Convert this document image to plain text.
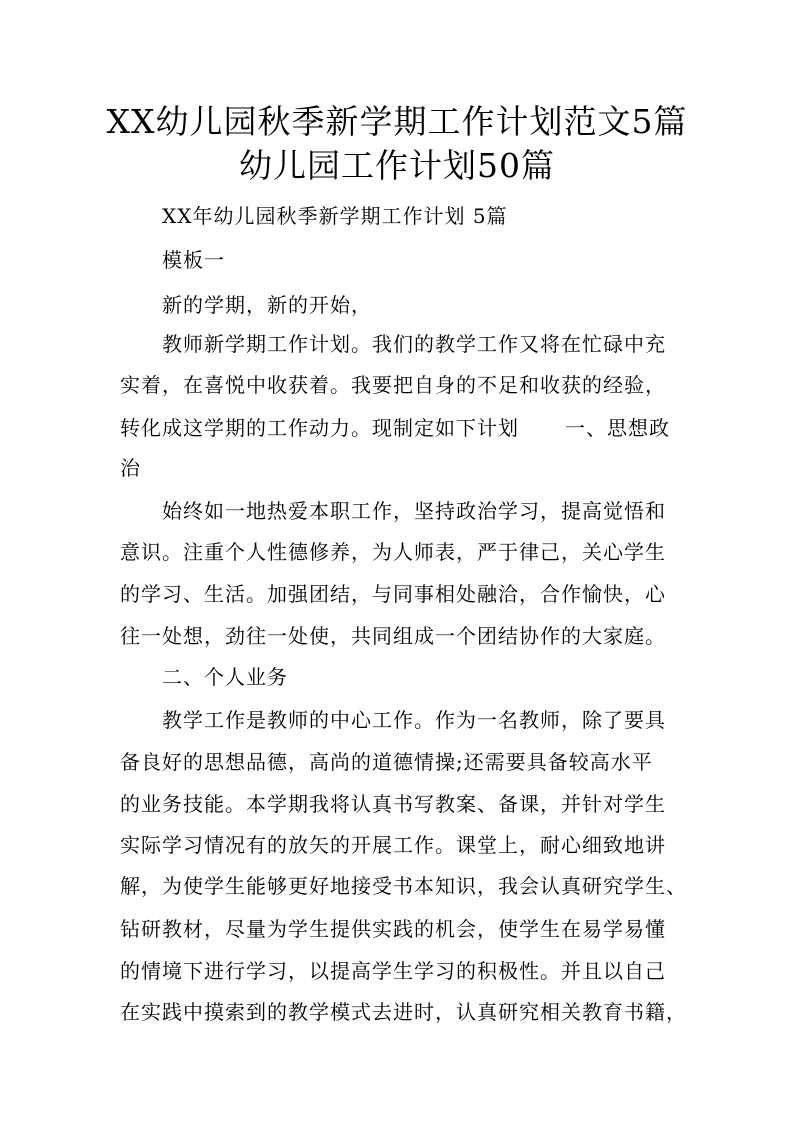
XX幼儿园秋季新学期工作计划范文5篇
幼儿园工作计划50篇

XX年幼儿园秋季新学期工作计划 5篇

模板一

新的学期，新的开始，

教师新学期工作计划。我们的教学工作又将在忙碌中充

实着，在喜悦中收获着。我要把自身的不足和收获的经验，

转化成这学期的工作动力。现制定如下计划 一、思想政

治

始终如一地热爱本职工作，坚持政治学习，提高觉悟和

意识。注重个人性德修养，为人师表，严于律己，关心学生

的学习、生活。加强团结，与同事相处融洽，合作愉快，心

往一处想，劲往一处使，共同组成一个团结协作的大家庭。

二、个人业务

教学工作是教师的中心工作。作为一名教师，除了要具

备良好的思想品德，高尚的道德情操;还需要具备较高水平

的业务技能。本学期我将认真书写教案、备课，并针对学生

实际学习情况有的放矢的开展工作。课堂上，耐心细致地讲

解，为使学生能够更好地接受书本知识，我会认真研究学生、

钻研教材，尽量为学生提供实践的机会，使学生在易学易懂

的情境下进行学习，以提高学生学习的积极性。并且以自己

在实践中摸索到的教学模式去进时，认真研究相关教育书籍，
